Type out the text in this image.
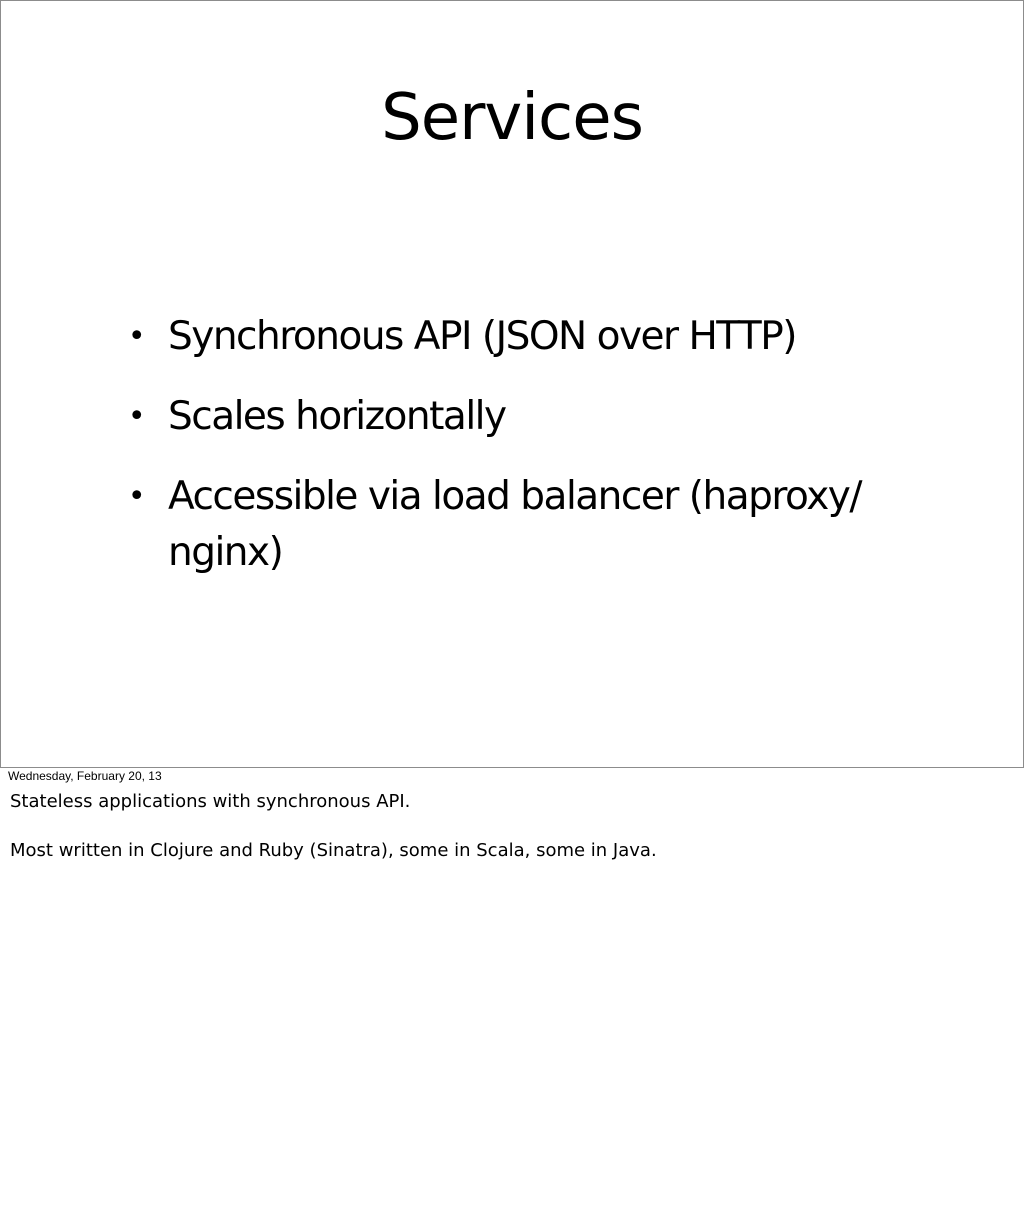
Services
• Synchronous API (JSON over HTTP)
• Scales horizontally
• Accessible via load balancer (haproxy/ nginx)
Wednesday, February 20, 13

Stateless applications with synchronous API.

Most written in Clojure and Ruby (Sinatra), some in Scala, some in Java.
